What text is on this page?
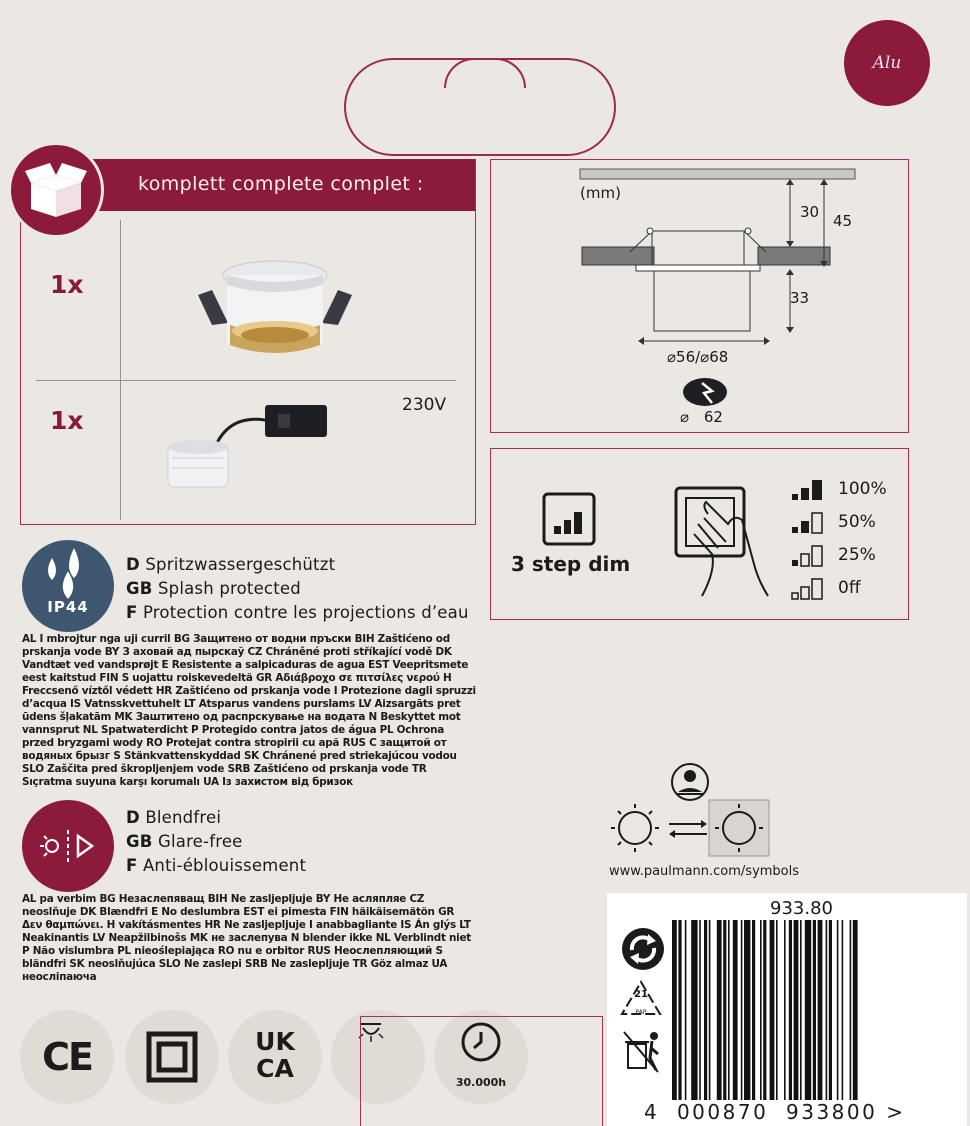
Alu
komplett complete complet :
1x
1x
230V
(mm)
30 45
33
⌀56/⌀68
⌀ 62
3 step dim
100%
50%
25%
0ff
IP44
D Spritzwassergeschützt
GB Splash protected
F Protection contre les projections d’eau
AL I mbrojtur nga uji curril BG Защитено от водни пръски BIH Zaštićeno od prskanja vode BY З ахoвай ад пырскаў CZ Chráněné proti stříkající vodě DK Vandtæt ved vandsprøjt E Resistente a salpicaduras de agua EST Veepritsmete eest kaitstud FIN S uojattu roiskevedeltä GR Αδιάβροχο σε πιτσίλες νερού H Freccsenő víztől védett HR Zaštićeno od prskanja vode I Protezione dagli spruzzi d’acqua IS Vatnsskvettuhelt LT Atsparus vandens purslams LV Aizsargāts pret ūdens šļakatām MK Заштитено од распрскување на водата N Beskyttet mot vannsprut NL Spatwaterdicht P Protegido contra jatos de água PL Ochrona przed bryzgami wody RO Protejat contra stropirii cu apă RUS С защитой от водяных брызг S Stänkvattenskyddad SK Chránené pred striekajúcou vodou SLO Zaščita pred škropljenjem vode SRB Zaštićeno od prskanja vode TR Sıçratma suyuna karşı korumalı UA Із захистом від бризок
D Blendfrei
GB Glare-free
F Anti-éblouissement
AL pa verbim BG Незаслепяващ BIH Ne zasljepljuje BY Не асляпляе CZ neoslňuje DK Blændfri E No deslumbra EST ei pimesta FIN häikäisemätön GR Δεν θαμπώνει. H vakításmentes HR Ne zasljepljuje I anabbagliante IS Án glýs LT Neakinantis LV Neapžilbinošs MK не заслепува N blender ikke NL Verblindt niet P Não vislumbra PL nieoślepiająca RO nu e orbitor RUS Неослепляющий S bländfri SK neoslňujúca SLO Ne zaslepi SRB Ne zaslepljuje TR Göz almaz UA неосліпаюча
www.paulmann.com/symbols
CE	UK
CA	30.000h
933.80
21
PAP
4  000870  933800 >
